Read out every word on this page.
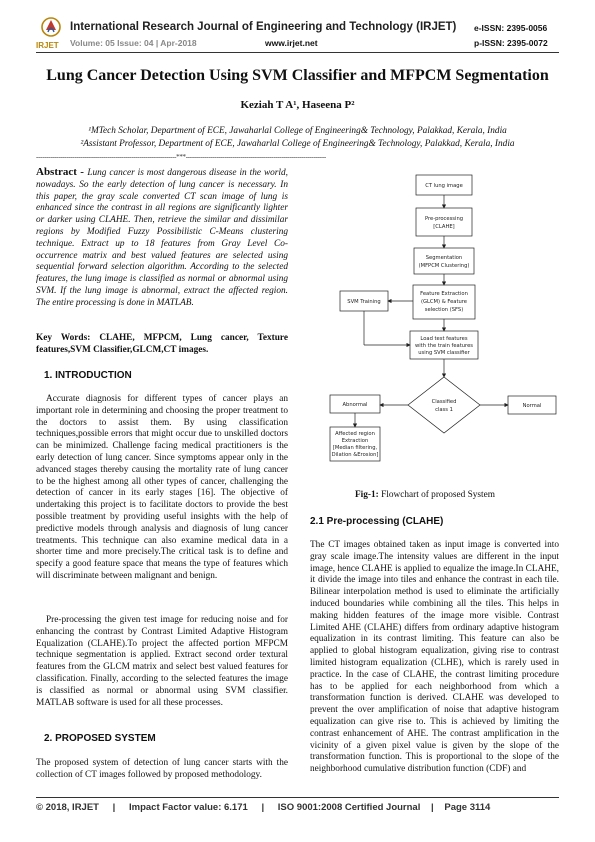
IRJET
International Research Journal of Engineering and Technology (IRJET) e-ISSN: 2395-0056
Volume: 05 Issue: 04 | Apr-2018	www.irjet.net	p-ISSN: 2395-0072
Lung Cancer Detection Using SVM Classifier and MFPCM Segmentation
Keziah T A¹, Haseena P²
¹MTech Scholar, Department of ECE, Jawaharlal College of Engineering& Technology, Palakkad, Kerala, India
²Assistant Professor, Department of ECE, Jawaharlal College of Engineering& Technology, Palakkad, Kerala, India
---------------------------------------------------------------------***---------------------------------------------------------------------
Abstract - Lung cancer is most dangerous disease in the world, nowadays. So the early detection of lung cancer is necessary. In this paper, the gray scale converted CT scan image of lung is enhanced since the contrast in all regions are significantly lighter or darker using CLAHE. Then, retrieve the similar and dissimilar regions by Modified Fuzzy Possibilistic C-Means clustering technique. Extract up to 18 features from Gray Level Co-occurrence matrix and best valued features are selected using sequential forward selection algorithm. According to the selected features, the lung image is classified as normal or abnormal using SVM. If the lung image is abnormal, extract the affected region. The entire processing is done in MATLAB.
Key Words: CLAHE, MFPCM, Lung cancer, Texture features,SVM Classifier,GLCM,CT images.
1. INTRODUCTION

Accurate diagnosis for different types of cancer plays an important role in determining and choosing the proper treatment to the doctors to assist them. By using classification techniques,possible errors that might occur due to unskilled doctors can be minimized. Challenge facing medical practitioners is the early detection of lung cancer. Since symptoms appear only in the advanced stages thereby causing the mortality rate of lung cancer to be the highest among all other types of cancer, challenging the detection of cancer in its early stages [16]. The objective of undertaking this project is to facilitate doctors to provide the best possible treatment by providing useful insights with the help of predictive models through analysis and diagnosis of lung cancer treatments. This technique can also examine medical data in a shorter time and more precisely.The critical task is to define and specify a good feature space that means the type of features which will discriminate between malignant and benign.

Pre-processing the given test image for reducing noise and for enhancing the contrast by Contrast Limited Adaptive Histogram Equalization (CLAHE).To project the affected portion MFPCM technique segmentation is applied. Extract second order textural features from the GLCM matrix and select best valued features for classification. Finally, according to the selected features the image is classified as normal or abnormal using SVM classifier. MATLAB software is used for all these processes.

2. PROPOSED SYSTEM

The proposed system of detection of lung cancer starts with the collection of CT images followed by proposed methodology.

CT lung image
Pre-processing
[CLAHE]
Segmentation
(MFPCM Clustering)
Feature Extraction
(GLCM) & Feature
selection (SFS)
SVM Training
Load test features
with the train features
using SVM classifier
Classified
class 1
Abnormal	Normal
Affected region
Extraction
[Median filtering,
Dilation &Erosion]
Fig-1: Flowchart of proposed System
2.1 Pre-processing (CLAHE)

The CT images obtained taken as input image is converted into gray scale image.The intensity values are different in the input image, hence CLAHE is applied to equalize the image.In CLAHE, it divide the image into tiles and enhance the contrast in each tile. Bilinear interpolation method is used to eliminate the artificially induced boundaries while combining all the tiles. This helps in making hidden features of the image more visible. Contrast Limited AHE (CLAHE) differs from ordinary adaptive histogram equalization in its contrast limiting. This feature can also be applied to global histogram equalization, giving rise to contrast limited histogram equalization (CLHE), which is rarely used in practice. In the case of CLAHE, the contrast limiting procedure has to be applied for each neighborhood from which a transformation function is derived. CLAHE was developed to prevent the over amplification of noise that adaptive histogram equalization can give rise to. This is achieved by limiting the contrast enhancement of AHE. The contrast amplification in the vicinity of a given pixel value is given by the slope of the transformation function. This is proportional to the slope of the neighborhood cumulative distribution function (CDF) and

© 2018, IRJET	|	Impact Factor value: 6.171	|	ISO 9001:2008 Certified Journal	|	Page 3114
